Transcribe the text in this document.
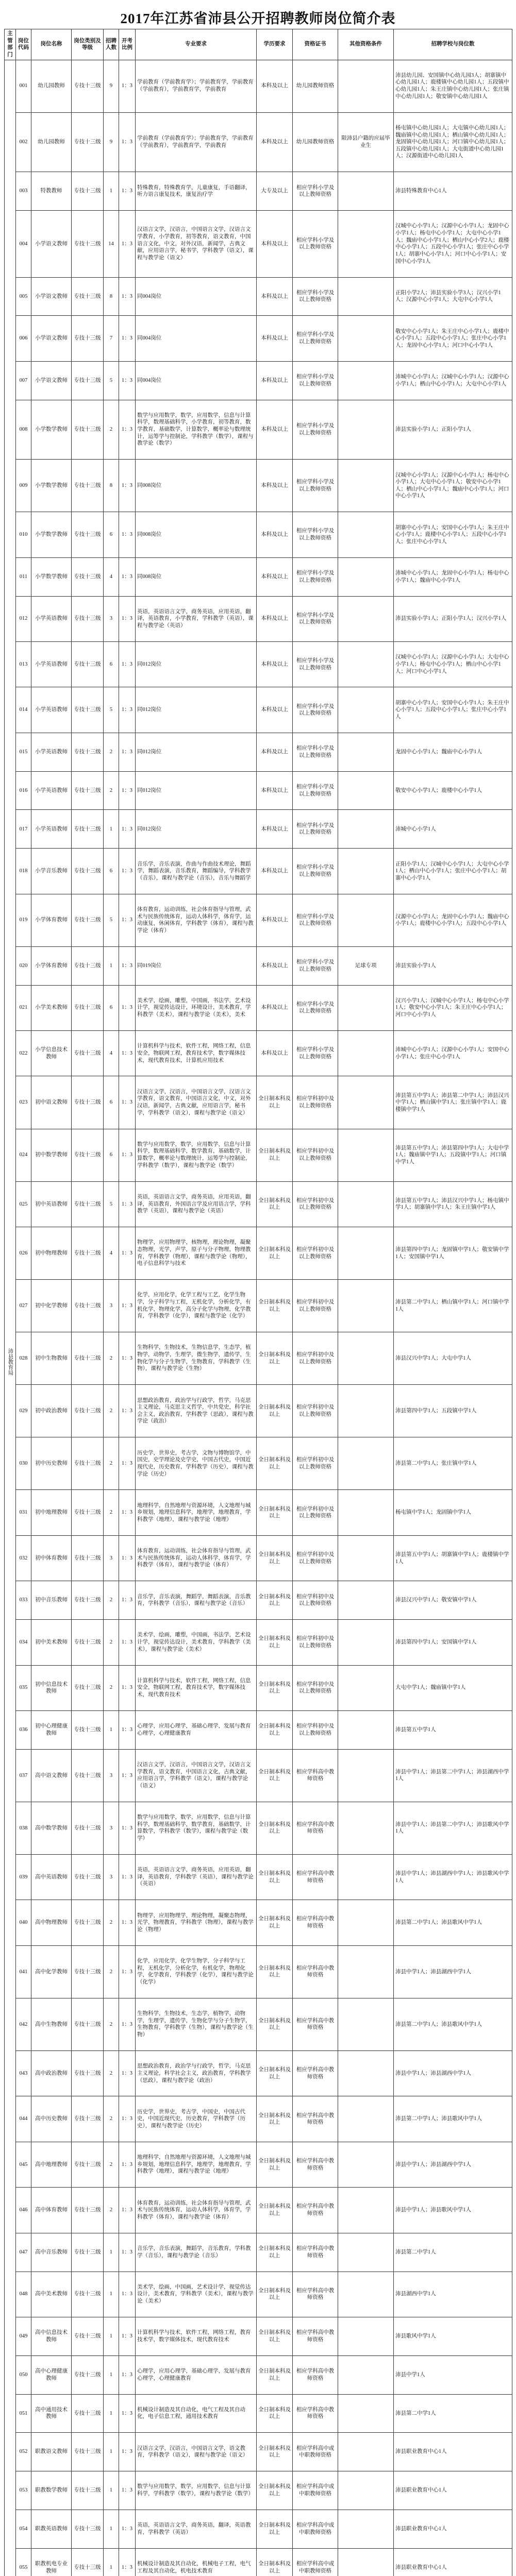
2017年江苏省沛县公开招聘教师岗位简介表
主管部门	岗位代码	岗位名称	岗位类别及等级	招聘人数	开考比例	专业要求	学历要求	资格证书	其他资格条件	招聘学校与岗位数
沛县教育局	001	幼儿园教师	专技十三级	9	1：3	学前教育（学前教育学）；学前教育学，学前教育（学前教育），学前教育学，学前教育	本科及以上	幼儿园教师资格		沛县幼儿园、安国镇中心幼儿园3人；胡寨镇中心幼儿园1人；鹿楼镇中心幼儿园1人；五段镇中心幼儿园1人；朱王庄镇中心幼儿园1人；张庄镇中心幼儿园1人；敬安镇中心幼儿园1人
	002	幼儿园教师	专技十三级	9	1：3	学前教育（学前教育学）；学前教育学，学前教育（学前教育），学前教育学，学前教育	本科及以上	幼儿园教师资格	限沛县户籍的应届毕业生	杨屯镇中心幼儿园1人；大屯镇中心幼儿园1人；魏庙镇中心幼儿园1人；栖山镇中心幼儿园1人；龙固镇中心幼儿园1人；河口镇中心幼儿园1人；五段镇中心幼儿园1人；大屯街道中心幼儿园1人；汉源街道中心幼儿园1人
	003	特教教师	专技十三级	1	1：3	特殊教育，特殊教育学，儿童康复，手语翻译，听力语言康复技术，康复治疗学	大专及以上	相应学科小学及以上教师资格		沛县特殊教育中心1人
	004	小学语文教师	专技十三级	14	1：3	汉语言文学，汉语言，中国语言文学，汉语言文学教育，小学教育，初等教育，语文教育，中国语言文化，中文，对外汉语，新闻学，古典文献，应用语言学，秘书学，学科教学（语文），课程与教学论（语文）	本科及以上	相应学科小学及以上教师资格		汉城中心小学1人；汉源中心小学1人；龙固中心小学1人；杨屯中心小学1人；大屯中心小学1人；魏庙中心小学1人；栖山中心小学2人；鹿楼中心小学1人；五段中心小学1人；张庄中心小学1人；胡寨中心小学1人；河口中心小学1人；安国中心小学1人
	005	小学语文教师	专技十三级	8	1：3	同004岗位	本科及以上	相应学科小学及以上教师资格		正阳小学2人；沛县实验小学3人；汉兴小学1人；汉源中心小学1人；大屯中心小学1人
	006	小学语文教师	专技十三级	7	1：3	同004岗位	本科及以上	相应学科小学及以上教师资格		敬安中心小学1人；朱王庄中心小学1人；鹿楼中心小学1人；五段中心小学1人；张庄中心小学1人；龙固中心小学1人；河口中心小学1人
	007	小学语文教师	专技十三级	5	1：3	同004岗位	本科及以上	相应学科小学及以上教师资格		沛城中心小学1人；汉城中心小学1人；汉源中心小学1人；栖山中心小学1人；大屯中心小学1人
	008	小学数学教师	专技十三级	2	1：3	数学与应用数学，数学，应用数学，信息与计算科学，数理基础科学，小学教育，初等教育，数学教育，基础数学，计算数学，概率论与数理统计，运筹学与控制论，学科教学（数学），课程与教学论（数学）	本科及以上	相应学科小学及以上教师资格		沛县实验小学1人；正阳小学1人
	009	小学数学教师	专技十三级	8	1：3	同008岗位	本科及以上	相应学科小学及以上教师资格		汉城中心小学1人；汉源中心小学1人；杨屯中心小学1人；大屯中心小学1人；敬安中心小学1人；栖山中心小学1人；魏庙中心小学1人；河口中心小学1人
	010	小学数学教师	专技十三级	6	1：3	同008岗位	本科及以上	相应学科小学及以上教师资格		胡寨中心小学1人；安国中心小学1人；朱王庄中心小学1人；鹿楼中心小学1人；五段中心小学1人；张庄中心小学1人
	011	小学数学教师	专技十三级	4	1：3	同008岗位	本科及以上	相应学科小学及以上教师资格		沛城中心小学1人；龙固中心小学1人；杨屯中心小学1人；魏庙中心小学1人
	012	小学英语教师	专技十三级	3	1：3	英语，英语语言文学，商务英语，应用英语，翻译，英语教育，小学教育，学科教学（英语），课程与教学论（英语）	本科及以上	相应学科小学及以上教师资格		沛县实验小学1人；正阳小学1人；汉兴小学1人
	013	小学英语教师	专技十三级	6	1：3	同012岗位	本科及以上	相应学科小学及以上教师资格		汉城中心小学1人；汉源中心小学1人；大屯中心小学1人；杨屯中心小学1人；栖山中心小学1人；河口中心小学1人
	014	小学英语教师	专技十三级	5	1：3	同012岗位	本科及以上	相应学科小学及以上教师资格		胡寨中心小学1人；安国中心小学1人；朱王庄中心小学1人；五段中心小学1人；张庄中心小学1人
	015	小学英语教师	专技十三级	2	1：3	同012岗位	本科及以上	相应学科小学及以上教师资格		龙固中心小学1人；魏庙中心小学1人
	016	小学英语教师	专技十三级	2	1：3	同012岗位	本科及以上	相应学科小学及以上教师资格		敬安中心小学1人；鹿楼中心小学1人
	017	小学英语教师	专技十三级	1	1：3	同012岗位	本科及以上	相应学科小学及以上教师资格		沛城中心小学1人
	018	小学音乐教师	专技十三级	6	1：3	音乐学，音乐表演，作曲与作曲技术理论，舞蹈学，舞蹈表演，音乐教育，舞蹈编导，学科教学（音乐），课程与教学论（音乐），音乐与舞蹈学	本科及以上	相应学科小学及以上教师资格		正阳小学1人；汉城中心小学1人；大屯中心小学1人；栖山中心小学1人；张庄中心小学1人；胡寨中心小学1人
	019	小学体育教师	专技十三级	5	1：3	体育教育，运动训练，社会体育指导与管理，武术与民族传统体育，运动人体科学，体育学，运动康复，休闲体育，学科教学（体育），课程与教学论（体育）	本科及以上	相应学科小学及以上教师资格		汉源中心小学1人；龙固中心小学1人；魏庙中心小学1人；鹿楼中心小学1人；五段中心小学1人
	020	小学体育教师	专技十三级	1	1：3	同019岗位	本科及以上	相应学科小学及以上教师资格	足球专项	沛县实验小学1人
	021	小学美术教师	专技十三级	6	1：3	美术学，绘画，雕塑，中国画，书法学，艺术设计学，视觉传达设计，环境设计，美术教育，学科教学（美术），课程与教学论（美术），美术	本科及以上	相应学科小学及以上教师资格		汉兴小学1人；汉城中心小学1人；杨屯中心小学1人；敬安中心小学1人；朱王庄中心小学1人；河口中心小学1人
	022	小学信息技术教师	专技十三级	4	1：3	计算机科学与技术，软件工程，网络工程，信息安全，物联网工程，教育技术学，数字媒体技术，现代教育技术，计算机应用技术	本科及以上	相应学科小学及以上教师资格		沛城中心小学1人；汉源中心小学1人；安国中心小学1人；张庄中心小学1人
	023	初中语文教师	专技十三级	6	1：3	汉语言文学，汉语言，中国语言文学，汉语言文学教育，语文教育，中国语言文化，中文，对外汉语，新闻学，古典文献，应用语言学，秘书学，学科教学（语文），课程与教学论（语文）	全日制本科及以上	相应学科初中及以上教师资格		沛县第五中学1人；沛县第二中学1人；沛县汉兴中学1人；栖山镇中学1人；张庄镇中学1人；鹿楼镇中学1人
	024	初中数学教师	专技十三级	6	1：3	数学与应用数学，数学，应用数学，信息与计算科学，数理基础科学，数学教育，基础数学，计算数学，概率论与数理统计，运筹学与控制论，学科教学（数学），课程与教学论（数学）	全日制本科及以上	相应学科初中及以上教师资格		沛县第五中学1人；沛县第四中学1人；大屯中学1人；魏庙镇中学1人；五段镇中学1人；河口镇中学1人
	025	初中英语教师	专技十三级	5	1：3	英语，英语语言文学，商务英语，应用英语，翻译，英语教育，外国语言学及应用语言学，学科教学（英语），课程与教学论（英语）	全日制本科及以上	相应学科初中及以上教师资格		沛县第五中学1人；沛县汉兴中学1人；杨屯镇中学1人；胡寨镇中学1人；朱王庄镇中学1人
	026	初中物理教师	专技十三级	4	1：3	物理学，应用物理学，核物理，理论物理，凝聚态物理，光学，声学，原子与分子物理，物理教育，学科教学（物理），课程与教学论（物理），电子信息科学与技术	全日制本科及以上	相应学科初中及以上教师资格		沛县第四中学1人；龙固镇中学1人；敬安镇中学1人；安国镇中学1人
	027	初中化学教师	专技十三级	3	1：3	化学，应用化学，化学工程与工艺，化学生物学，分子科学与工程，无机化学，分析化学，有机化学，物理化学，高分子化学与物理，化学教育，学科教学（化学），课程与教学论（化学）	全日制本科及以上	相应学科初中及以上教师资格		沛县第二中学1人；栖山镇中学1人；河口镇中学1人
	028	初中生物教师	专技十三级	2	1：3	生物科学，生物技术，生物信息学，生态学，植物学，动物学，生理学，微生物学，遗传学，生物化学与分子生物学，生物教育，学科教学（生物），课程与教学论（生物）	全日制本科及以上	相应学科初中及以上教师资格		沛县汉兴中学1人；大屯中学1人
	029	初中政治教师	专技十三级	2	1：3	思想政治教育，政治学与行政学，哲学，马克思主义理论，马克思主义哲学，中共党史，科学社会主义，政治教育，学科教学（思政），课程与教学论（政治）	全日制本科及以上	相应学科初中及以上教师资格		沛县第四中学1人；五段镇中学1人
	030	初中历史教师	专技十三级	2	1：3	历史学，世界史，考古学，文物与博物馆学，中国史，史学理论及史学史，中国古代史，中国近现代史，历史教育，学科教学（历史），课程与教学论（历史）	全日制本科及以上	相应学科初中及以上教师资格		沛县第二中学1人；张庄镇中学1人
	031	初中地理教师	专技十三级	2	1：3	地理科学，自然地理与资源环境，人文地理与城乡规划，地理信息科学，地理学，地理教育，学科教学（地理），课程与教学论（地理）	全日制本科及以上	相应学科初中及以上教师资格		杨屯镇中学1人；龙固镇中学1人
	032	初中体育教师	专技十三级	3	1：3	体育教育，运动训练，社会体育指导与管理，武术与民族传统体育，运动人体科学，体育学，学科教学（体育），课程与教学论（体育）	全日制本科及以上	相应学科初中及以上教师资格		沛县第五中学1人；胡寨镇中学1人；鹿楼镇中学1人
	033	初中音乐教师	专技十三级	2	1：3	音乐学，音乐表演，舞蹈学，舞蹈表演，音乐教育，学科教学（音乐），课程与教学论（音乐）	全日制本科及以上	相应学科初中及以上教师资格		沛县汉兴中学1人；敬安镇中学1人
	034	初中美术教师	专技十三级	2	1：3	美术学，绘画，雕塑，中国画，书法学，艺术设计学，视觉传达设计，美术教育，学科教学（美术），课程与教学论（美术）	全日制本科及以上	相应学科初中及以上教师资格		沛县第四中学1人；安国镇中学1人
	035	初中信息技术教师	专技十三级	2	1：3	计算机科学与技术，软件工程，网络工程，信息安全，物联网工程，教育技术学，数字媒体技术，现代教育技术	全日制本科及以上	相应学科初中及以上教师资格		大屯中学1人；魏庙镇中学1人
	036	初中心理健康教师	专技十三级	1	1：3	心理学，应用心理学，基础心理学，发展与教育心理学，心理健康教育	全日制本科及以上	相应学科初中及以上教师资格		沛县第五中学1人
	037	高中语文教师	专技十三级	3	1：3	汉语言文学，汉语言，中国语言文学，汉语言文学教育，语文教育，中国语言文化，古典文献，应用语言学，学科教学（语文），课程与教学论（语文）	全日制本科及以上	相应学科高中教师资格		沛县中学1人；沛县第二中学1人；沛县湖西中学1人
	038	高中数学教师	专技十三级	3	1：3	数学与应用数学，数学，应用数学，信息与计算科学，数理基础科学，数学教育，基础数学，计算数学，学科教学（数学），课程与教学论（数学）	全日制本科及以上	相应学科高中教师资格		沛县中学1人；沛县第二中学1人；沛县歌风中学1人
	039	高中英语教师	专技十三级	3	1：3	英语，英语语言文学，商务英语，应用英语，翻译，英语教育，学科教学（英语），课程与教学论（英语）	全日制本科及以上	相应学科高中教师资格		沛县中学1人；沛县湖西中学1人；沛县歌风中学1人
	040	高中物理教师	专技十三级	2	1：3	物理学，应用物理学，理论物理，凝聚态物理，光学，物理教育，学科教学（物理），课程与教学论（物理）	全日制本科及以上	相应学科高中教师资格		沛县第二中学1人；沛县歌风中学1人
	041	高中化学教师	专技十三级	2	1：3	化学，应用化学，化学生物学，分子科学与工程，无机化学，分析化学，有机化学，物理化学，化学教育，学科教学（化学），课程与教学论（化学）	全日制本科及以上	相应学科高中教师资格		沛县中学1人；沛县湖西中学1人
	042	高中生物教师	专技十三级	2	1：3	生物科学，生物技术，生态学，植物学，动物学，生理学，遗传学，生物化学与分子生物学，生物教育，学科教学（生物），课程与教学论（生物）	全日制本科及以上	相应学科高中教师资格		沛县第二中学1人；沛县歌风中学1人
	043	高中政治教师	专技十三级	2	1：3	思想政治教育，政治学与行政学，哲学，马克思主义理论，科学社会主义，政治教育，学科教学（思政），课程与教学论（政治）	全日制本科及以上	相应学科高中教师资格		沛县中学1人；沛县湖西中学1人
	044	高中历史教师	专技十三级	2	1：3	历史学，世界史，考古学，中国史，中国古代史，中国近现代史，历史教育，学科教学（历史），课程与教学论（历史）	全日制本科及以上	相应学科高中教师资格		沛县第二中学1人；沛县歌风中学1人
	045	高中地理教师	专技十三级	2	1：3	地理科学，自然地理与资源环境，人文地理与城乡规划，地理信息科学，地理学，地理教育，学科教学（地理），课程与教学论（地理）	全日制本科及以上	相应学科高中教师资格		沛县中学1人；沛县湖西中学1人
	046	高中体育教师	专技十三级	2	1：3	体育教育，运动训练，社会体育指导与管理，武术与民族传统体育，运动人体科学，体育学，学科教学（体育），课程与教学论（体育）	全日制本科及以上	相应学科高中教师资格		沛县中学1人；沛县歌风中学1人
	047	高中音乐教师	专技十三级	1	1：3	音乐学，音乐表演，舞蹈学，音乐教育，学科教学（音乐），课程与教学论（音乐）	全日制本科及以上	相应学科高中教师资格		沛县第二中学1人
	048	高中美术教师	专技十三级	1	1：3	美术学，绘画，中国画，艺术设计学，视觉传达设计，美术教育，学科教学（美术），课程与教学论（美术）	全日制本科及以上	相应学科高中教师资格		沛县湖西中学1人
	049	高中信息技术教师	专技十三级	1	1：3	计算机科学与技术，软件工程，网络工程，教育技术学，数字媒体技术，现代教育技术	全日制本科及以上	相应学科高中教师资格		沛县歌风中学1人
	050	高中心理健康教师	专技十三级	1	1：3	心理学，应用心理学，基础心理学，发展与教育心理学，心理健康教育	全日制本科及以上	相应学科高中教师资格		沛县中学1人
	051	高中通用技术教师	专技十三级	1	1：3	机械设计制造及其自动化，电气工程及其自动化，电子信息工程，通用技术教育	全日制本科及以上	相应学科高中教师资格		沛县第二中学1人
	052	职教语文教师	专技十三级	1	1：3	汉语言文学，汉语言，中国语言文学，语文教育，学科教学（语文），课程与教学论（语文）	全日制本科及以上	相应学科高中或中职教师资格		沛县职业教育中心1人
	053	职教数学教师	专技十三级	1	1：3	数学与应用数学，数学，应用数学，信息与计算科学，学科教学（数学），课程与教学论（数学）	全日制本科及以上	相应学科高中或中职教师资格		沛县职业教育中心1人
	054	职教英语教师	专技十三级	1	1：3	英语，英语语言文学，商务英语，翻译，英语教育，学科教学（英语）	全日制本科及以上	相应学科高中或中职教师资格		沛县职业教育中心1人
	055	职教机电专业教师	专技十三级	1	1：3	机械设计制造及其自动化，机械电子工程，电气工程及其自动化，机电技术教育	全日制本科及以上	相应学科高中或中职教师资格		沛县职业教育中心1人
